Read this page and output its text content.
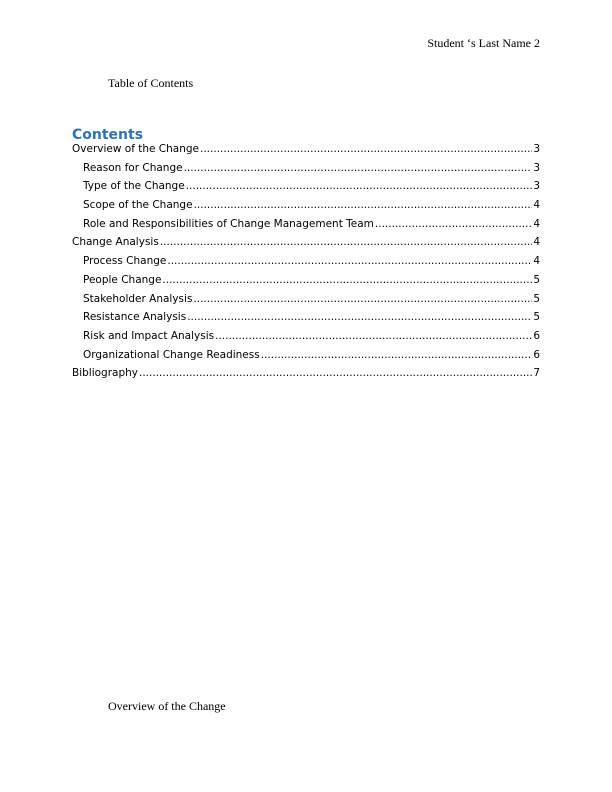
Student ‘s Last Name 2
Table of Contents
Contents
Overview of the Change .....	3
Reason for Change .....	3
Type of the Change .....	3
Scope of the Change .....	4
Role and Responsibilities of Change Management Team .....	4
Change Analysis .....	4
Process Change .....	4
People Change .....	5
Stakeholder Analysis .....	5
Resistance Analysis .....	5
Risk and Impact Analysis .....	6
Organizational Change Readiness .....	6
Bibliography .....	7
Overview of the Change
